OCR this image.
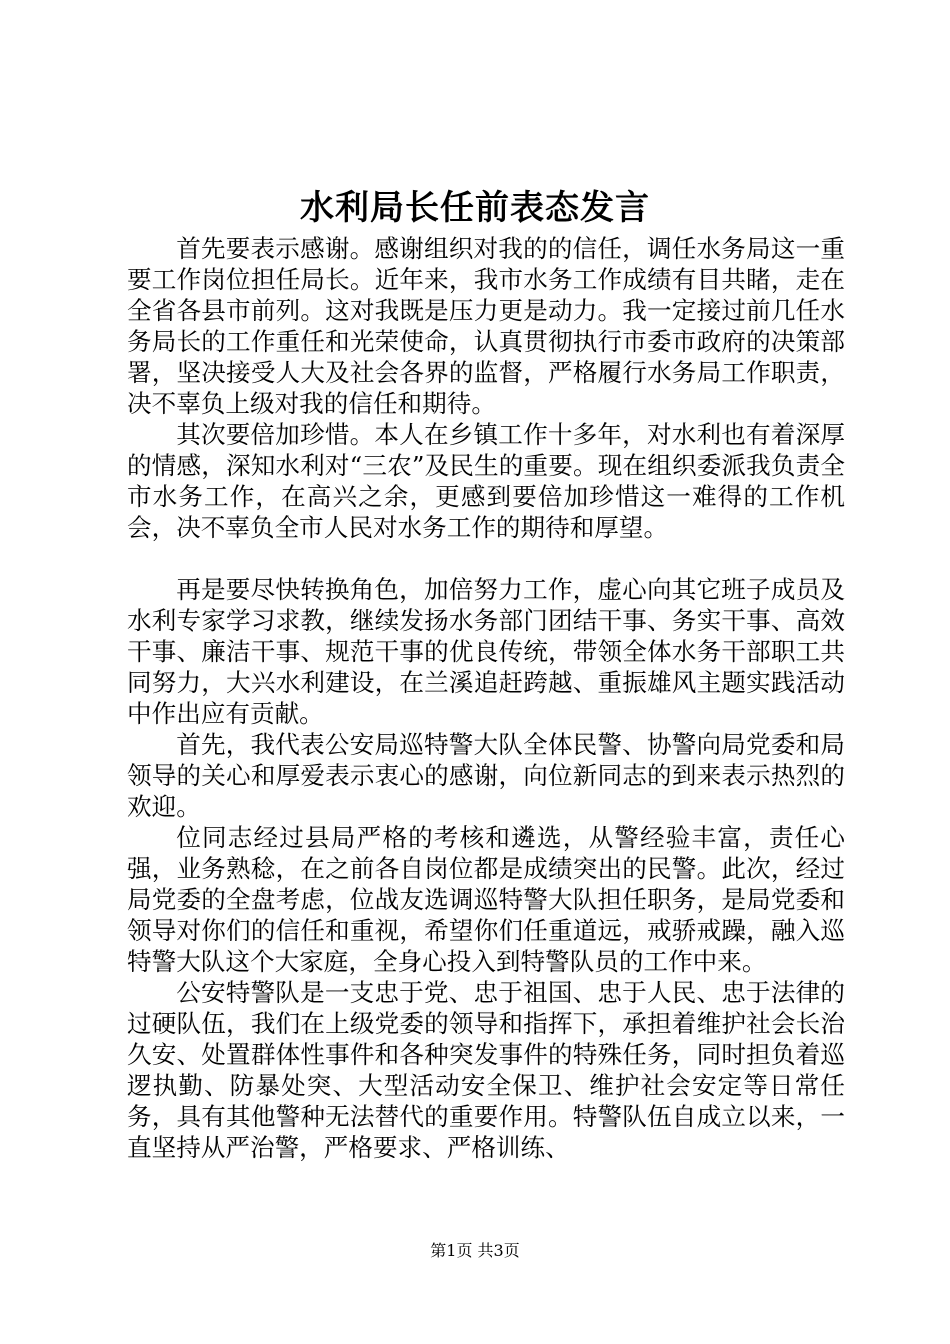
水利局长任前表态发言

首先要表示感谢。感谢组织对我的的信任，调任水务局这一重要工作岗位担任局长。近年来，我市水务工作成绩有目共睹，走在全省各县市前列。这对我既是压力更是动力。我一定接过前几任水务局长的工作重任和光荣使命，认真贯彻执行市委市政府的决策部署，坚决接受人大及社会各界的监督，严格履行水务局工作职责，决不辜负上级对我的信任和期待。

其次要倍加珍惜。本人在乡镇工作十多年，对水利也有着深厚的情感，深知水利对“三农”及民生的重要。现在组织委派我负责全市水务工作，在高兴之余，更感到要倍加珍惜这一难得的工作机会，决不辜负全市人民对水务工作的期待和厚望。

再是要尽快转换角色，加倍努力工作，虚心向其它班子成员及水利专家学习求教，继续发扬水务部门团结干事、务实干事、高效干事、廉洁干事、规范干事的优良传统，带领全体水务干部职工共同努力，大兴水利建设，在兰溪追赶跨越、重振雄风主题实践活动中作出应有贡献。

首先，我代表公安局巡特警大队全体民警、协警向局党委和局领导的关心和厚爱表示衷心的感谢，向位新同志的到来表示热烈的欢迎。

位同志经过县局严格的考核和遴选，从警经验丰富，责任心强，业务熟稔，在之前各自岗位都是成绩突出的民警。此次，经过局党委的全盘考虑，位战友选调巡特警大队担任职务，是局党委和领导对你们的信任和重视，希望你们任重道远，戒骄戒躁，融入巡特警大队这个大家庭，全身心投入到特警队员的工作中来。

公安特警队是一支忠于党、忠于祖国、忠于人民、忠于法律的过硬队伍，我们在上级党委的领导和指挥下，承担着维护社会长治久安、处置群体性事件和各种突发事件的特殊任务，同时担负着巡逻执勤、防暴处突、大型活动安全保卫、维护社会安定等日常任务，具有其他警种无法替代的重要作用。特警队伍自成立以来，一直坚持从严治警，严格要求、严格训练、

第1页 共3页
